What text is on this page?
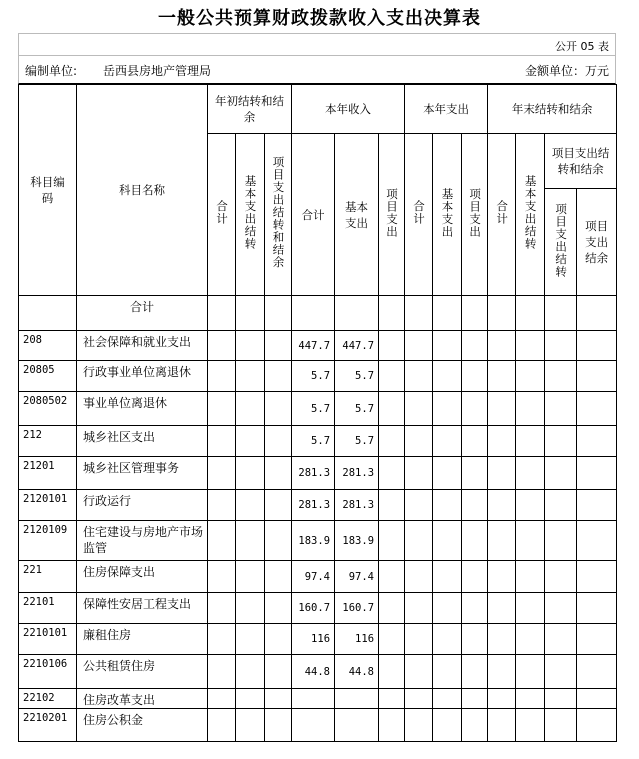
一般公共预算财政拨款收入支出决算表
公开 05 表
编制单位: 岳西县房地产管理局	金额单位：万元
科目编码	科目名称	年初结转和结余			本年收入			本年支出			年末结转和结余			
		合计	基本支出结转	项目支出结转和结余	合计	基本支出	项目支出	合计	基本支出	项目支出	合计	基本支出结转	项目支出结转和结余	
													项目支出结转	项目支出结余
	合计													
208	社会保障和就业支出				447.7	447.7								
20805	行政事业单位离退休				5.7	5.7								
2080502	事业单位离退休				5.7	5.7								
212	城乡社区支出				5.7	5.7								
21201	城乡社区管理事务				281.3	281.3								
2120101	行政运行				281.3	281.3								
2120109	住宅建设与房地产市场监管				183.9	183.9								
221	住房保障支出				97.4	97.4								
22101	保障性安居工程支出				160.7	160.7								
2210101	廉租住房				116	116								
2210106	公共租赁住房				44.8	44.8								
22102	住房改革支出													
2210201	住房公积金													
